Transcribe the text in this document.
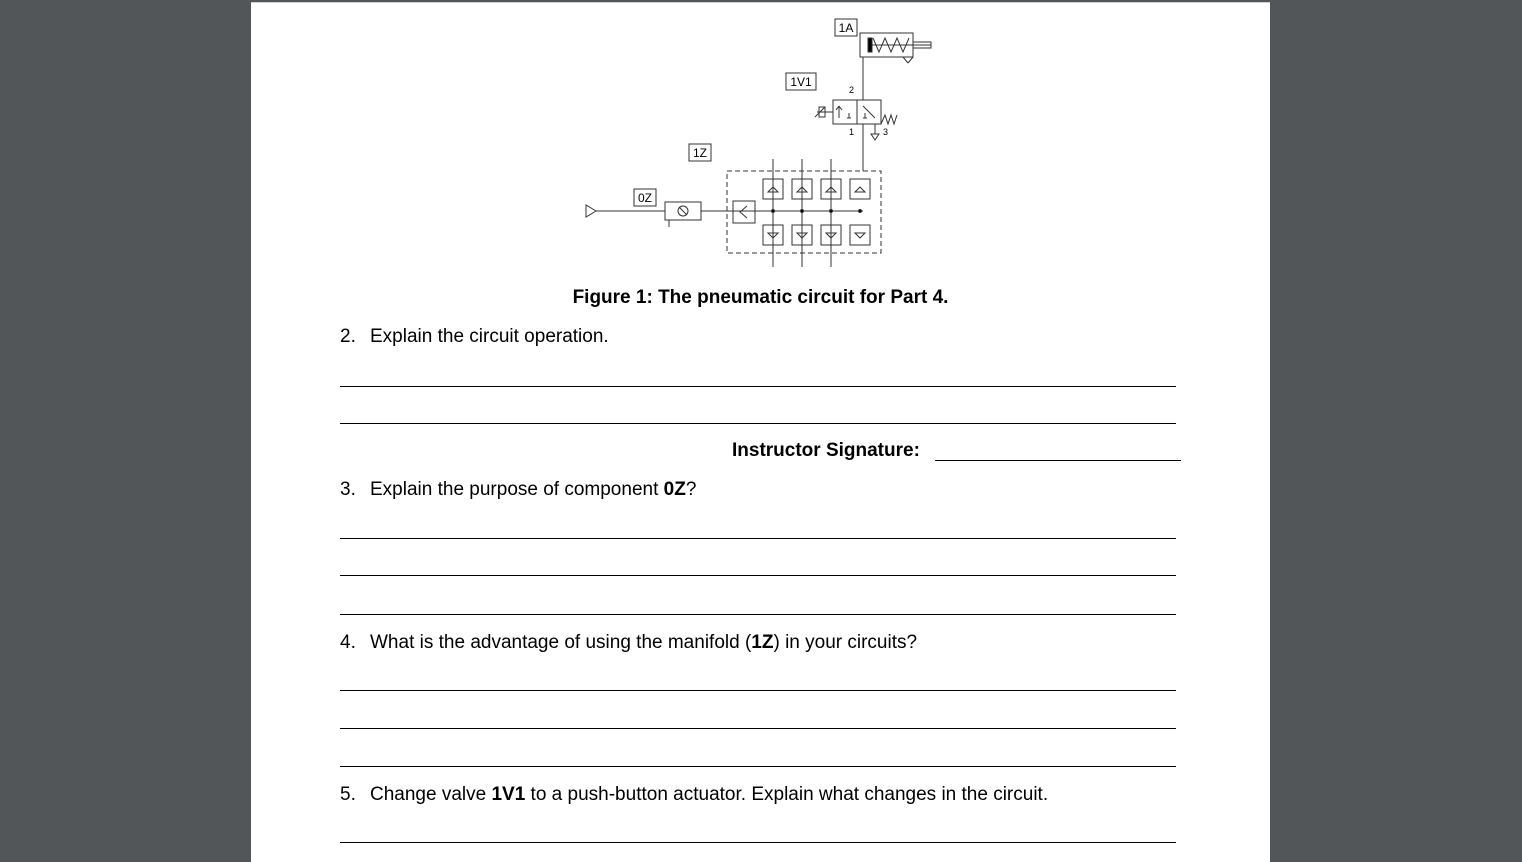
1A
1V1
1Z
0Z
2
1	3
Figure 1: The pneumatic circuit for Part 4.
2. Explain the circuit operation.
Instructor Signature:
3. Explain the purpose of component 0Z?
4. What is the advantage of using the manifold (1Z) in your circuits?
5. Change valve 1V1 to a push-button actuator. Explain what changes in the circuit.
